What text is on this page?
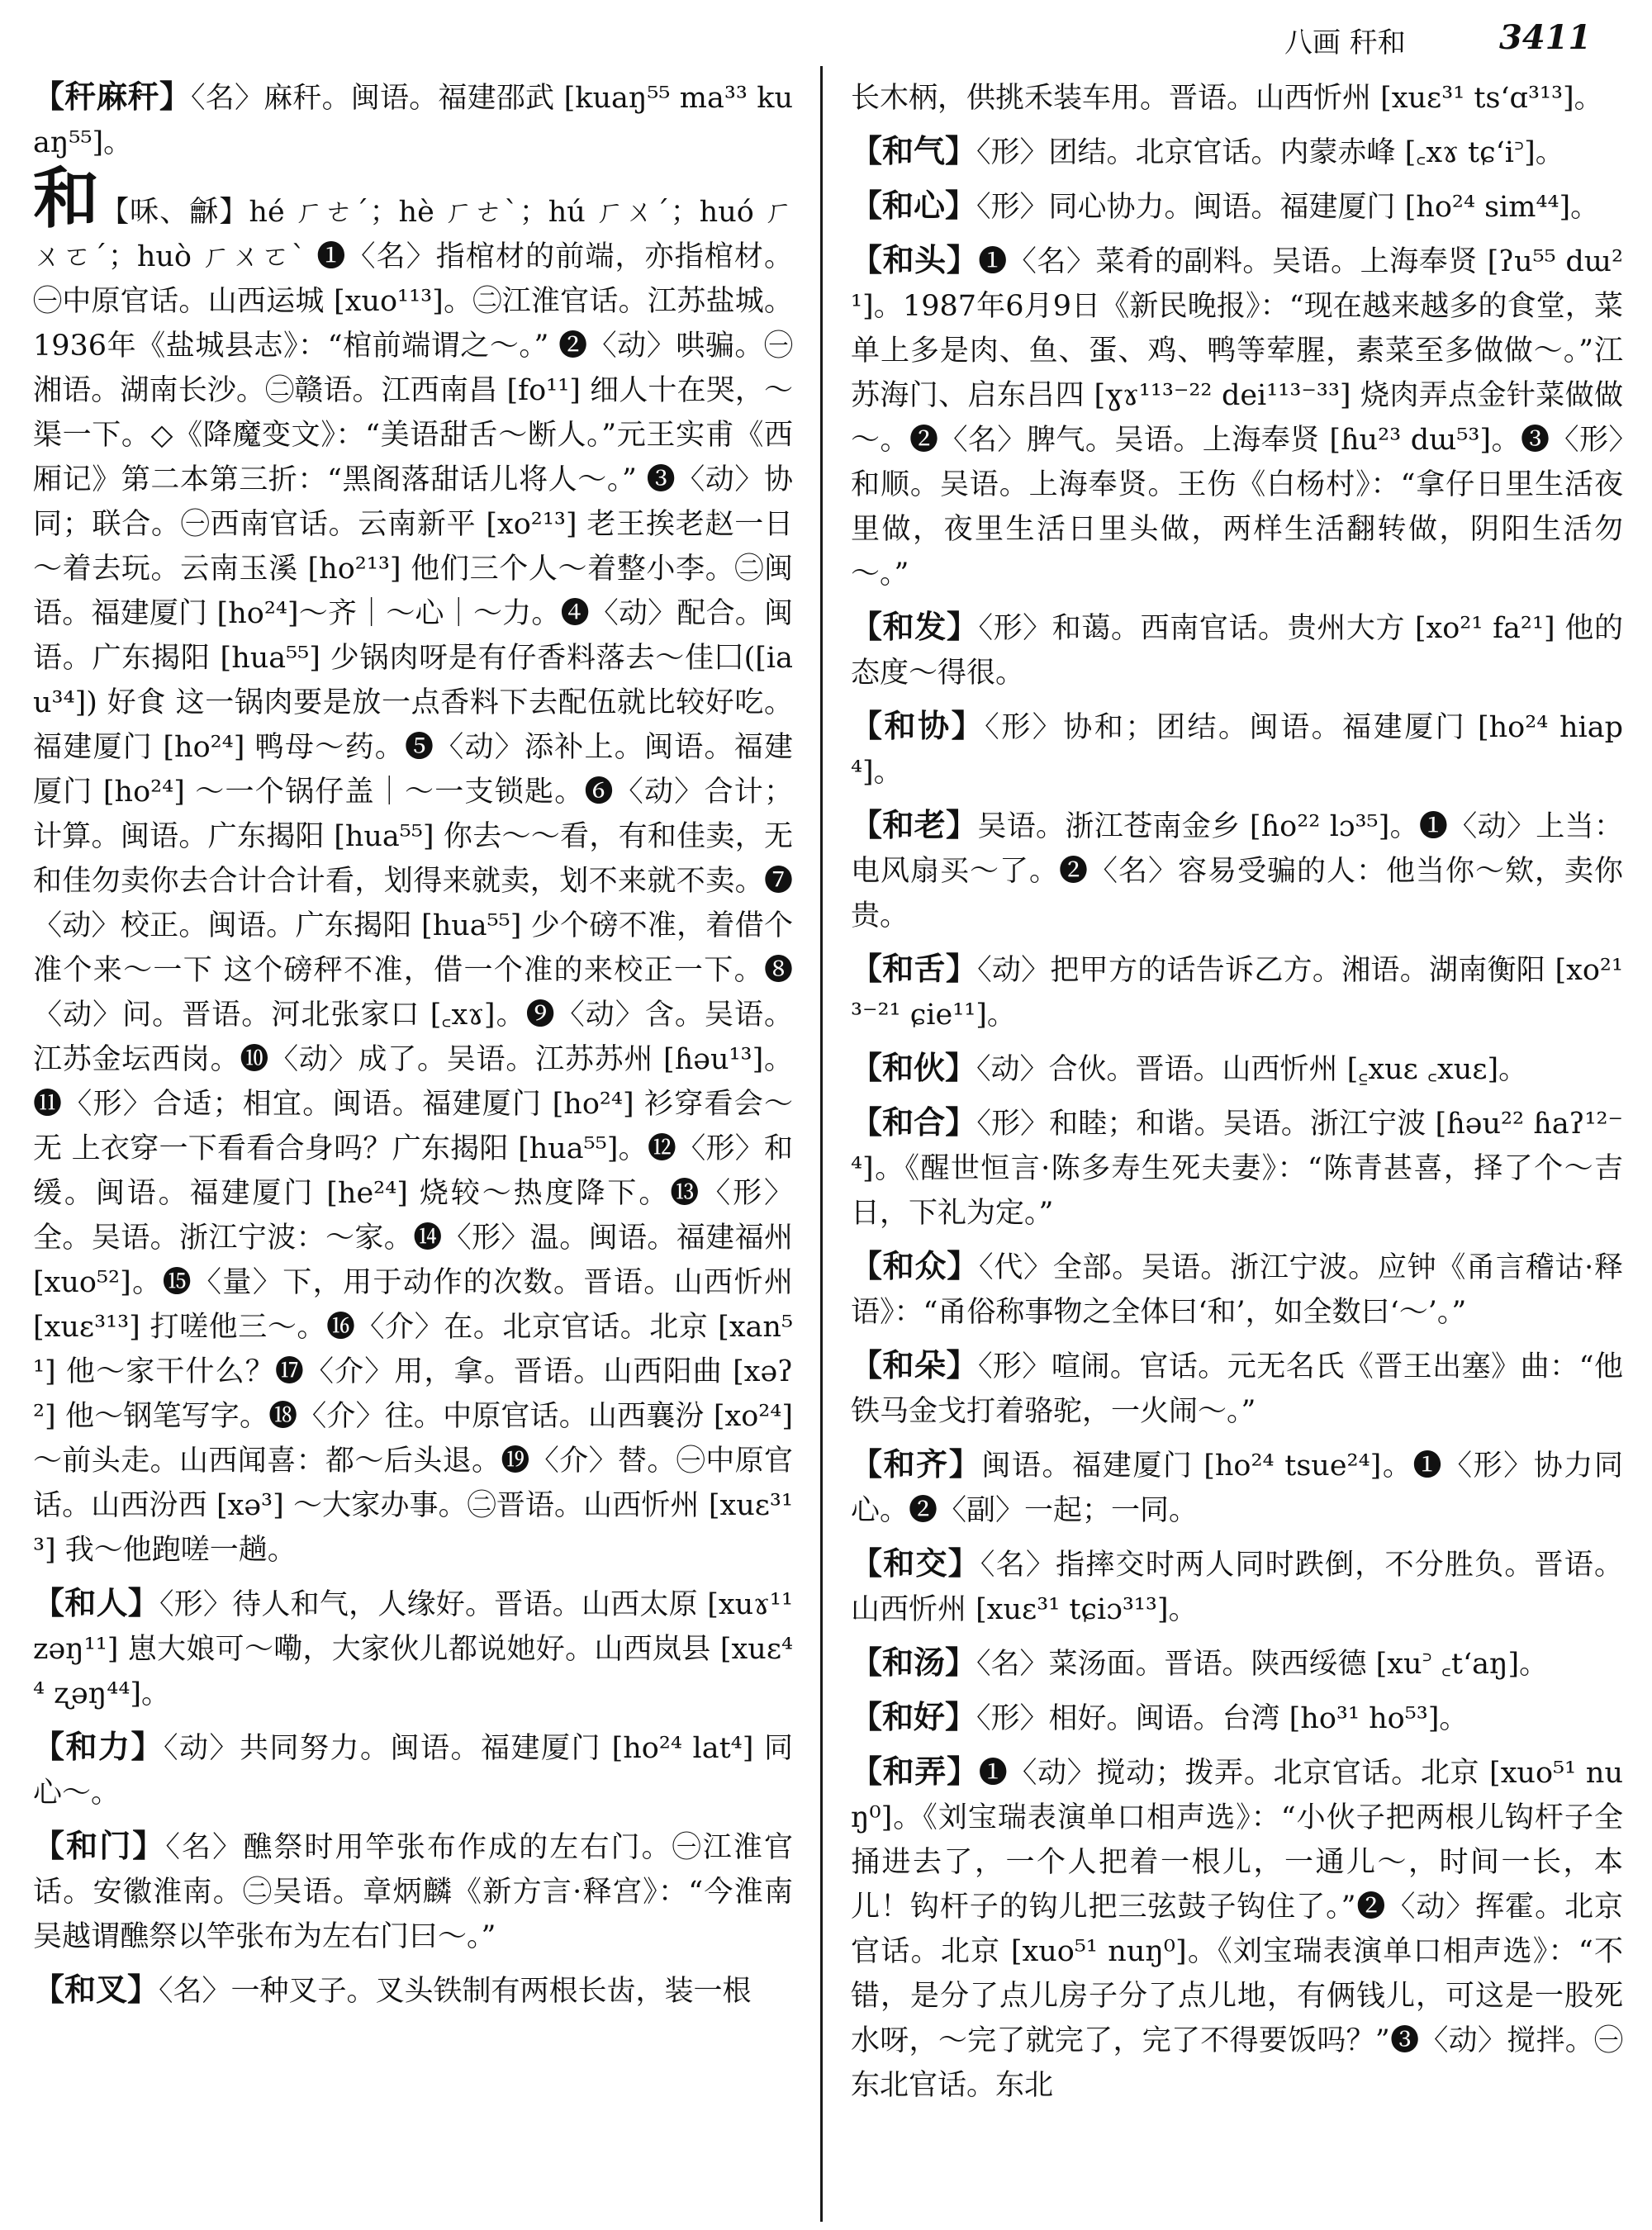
八画 秆和	3411
【秆麻秆】〈名〉麻秆。闽语。福建邵武 [kuaŋ⁵⁵ ma³³ kuaŋ⁵⁵]。
和【咊、龢】hé ㄏㄜˊ；hè ㄏㄜˋ；hú ㄏㄨˊ；huó ㄏㄨㄛˊ；huò ㄏㄨㄛˋ ❶〈名〉指棺材的前端，亦指棺材。㊀中原官话。山西运城 [xuo¹¹³]。㊁江淮官话。江苏盐城。1936年《盐城县志》：“棺前端谓之～。” ❷〈动〉哄骗。㊀湘语。湖南长沙。㊁赣语。江西南昌 [fo¹¹] 细人十在哭，～渠一下。◇《降魔变文》：“美语甜舌～断人。”元王实甫《西厢记》第二本第三折：“黑阁落甜话儿将人～。” ❸〈动〉协同；联合。㊀西南官话。云南新平 [xo²¹³] 老王挨老赵一日～着去玩。云南玉溪 [ho²¹³] 他们三个人～着整小李。㊁闽语。福建厦门 [ho²⁴]～齐｜～心｜～力。❹〈动〉配合。闽语。广东揭阳 [hua⁵⁵] 少锅肉呀是有仔香料落去～佳囗([iau³⁴]) 好食 这一锅肉要是放一点香料下去配伍就比较好吃。福建厦门 [ho²⁴] 鸭母～药。❺〈动〉添补上。闽语。福建厦门 [ho²⁴] ～一个锅仔盖｜～一支锁匙。❻〈动〉合计；计算。闽语。广东揭阳 [hua⁵⁵] 你去～～看，有和佳卖，无和佳勿卖你去合计合计看，划得来就卖，划不来就不卖。❼〈动〉校正。闽语。广东揭阳 [hua⁵⁵] 少个磅不准，着借个准个来～一下 这个磅秤不准，借一个准的来校正一下。❽〈动〉问。晋语。河北张家口 [꜀xɤ]。❾〈动〉含。吴语。江苏金坛西岗。❿〈动〉成了。吴语。江苏苏州 [ɦəu¹³]。⓫〈形〉合适；相宜。闽语。福建厦门 [ho²⁴] 衫穿看会～无 上衣穿一下看看合身吗？广东揭阳 [hua⁵⁵]。⓬〈形〉和缓。闽语。福建厦门 [he²⁴] 烧较～热度降下。⓭〈形〉全。吴语。浙江宁波：～家。⓮〈形〉温。闽语。福建福州 [xuo⁵²]。⓯〈量〉下，用于动作的次数。晋语。山西忻州 [xuɛ³¹³] 打嗟他三～。⓰〈介〉在。北京官话。北京 [xan⁵¹] 他～家干什么？⓱〈介〉用，拿。晋语。山西阳曲 [xəʔ²] 他～钢笔写字。⓲〈介〉往。中原官话。山西襄汾 [xo²⁴] ～前头走。山西闻喜：都～后头退。⓳〈介〉替。㊀中原官话。山西汾西 [xə³] ～大家办事。㊁晋语。山西忻州 [xuɛ³¹³] 我～他跑嗟一趟。
【和人】〈形〉待人和气，人缘好。晋语。山西太原 [xuɤ¹¹ zəŋ¹¹] 崽大娘可～嘞，大家伙儿都说她好。山西岚县 [xuɛ⁴⁴ ʐəŋ⁴⁴]。
【和力】〈动〉共同努力。闽语。福建厦门 [ho²⁴ lat⁴] 同心～。
【和门】〈名〉醮祭时用竿张布作成的左右门。㊀江淮官话。安徽淮南。㊁吴语。章炳麟《新方言·释宫》：“今淮南吴越谓醮祭以竿张布为左右门曰～。”
【和叉】〈名〉一种叉子。叉头铁制有两根长齿，装一根
长木柄，供挑禾装车用。晋语。山西忻州 [xuɛ³¹ tsʻɑ³¹³]。
【和气】〈形〉团结。北京官话。内蒙赤峰 [꜀xɤ tɕʻi꜄]。
【和心】〈形〉同心协力。闽语。福建厦门 [ho²⁴ sim⁴⁴]。
【和头】❶〈名〉菜肴的副料。吴语。上海奉贤 [ʔu⁵⁵ dɯ²¹]。1987年6月9日《新民晚报》：“现在越来越多的食堂，菜单上多是肉、鱼、蛋、鸡、鸭等荤腥，素菜至多做做～。”江苏海门、启东吕四 [ɣɤ¹¹³⁻²² dei¹¹³⁻³³] 烧肉弄点金针菜做做～。❷〈名〉脾气。吴语。上海奉贤 [ɦu²³ dɯ⁵³]。❸〈形〉和顺。吴语。上海奉贤。王伤《白杨村》：“拿仔日里生活夜里做，夜里生活日里头做，两样生活翻转做，阴阳生活勿～。”
【和发】〈形〉和蔼。西南官话。贵州大方 [xo²¹ fa²¹] 他的态度～得很。
【和协】〈形〉协和；团结。闽语。福建厦门 [ho²⁴ hiap⁴]。
【和老】吴语。浙江苍南金乡 [ɦo²² lɔ³⁵]。❶〈动〉上当：电风扇买～了。❷〈名〉容易受骗的人：他当你～欸，卖你贵。
【和舌】〈动〉把甲方的话告诉乙方。湘语。湖南衡阳 [xo²¹³⁻²¹ ɕie¹¹]。
【和伙】〈动〉合伙。晋语。山西忻州 [꜁xuɛ ꜀xuɛ]。
【和合】〈形〉和睦；和谐。吴语。浙江宁波 [ɦəu²² ɦaʔ¹²⁻⁴]。《醒世恒言·陈多寿生死夫妻》：“陈青甚喜，择了个～吉日，下礼为定。”
【和众】〈代〉全部。吴语。浙江宁波。应钟《甬言稽诂·释语》：“甬俗称事物之全体曰‘和’，如全数曰‘～’。”
【和朵】〈形〉喧闹。官话。元无名氏《晋王出塞》曲：“他铁马金戈打着骆驼，一火闹～。”
【和齐】闽语。福建厦门 [ho²⁴ tsue²⁴]。❶〈形〉协力同心。❷〈副〉一起；一同。
【和交】〈名〉指摔交时两人同时跌倒，不分胜负。晋语。山西忻州 [xuɛ³¹ tɕiɔ³¹³]。
【和汤】〈名〉菜汤面。晋语。陕西绥德 [xu꜄ ꜀tʻaŋ]。
【和好】〈形〉相好。闽语。台湾 [ho³¹ ho⁵³]。
【和弄】❶〈动〉搅动；拨弄。北京官话。北京 [xuo⁵¹ nuŋ⁰]。《刘宝瑞表演单口相声选》：“小伙子把两根儿钩杆子全捅进去了，一个人把着一根儿，一通儿～，时间一长，本儿！钩杆子的钩儿把三弦鼓子钩住了。”❷〈动〉挥霍。北京官话。北京 [xuo⁵¹ nuŋ⁰]。《刘宝瑞表演单口相声选》：“不错，是分了点儿房子分了点儿地，有俩钱儿，可这是一股死水呀，～完了就完了，完了不得要饭吗？”❸〈动〉搅拌。㊀东北官话。东北
